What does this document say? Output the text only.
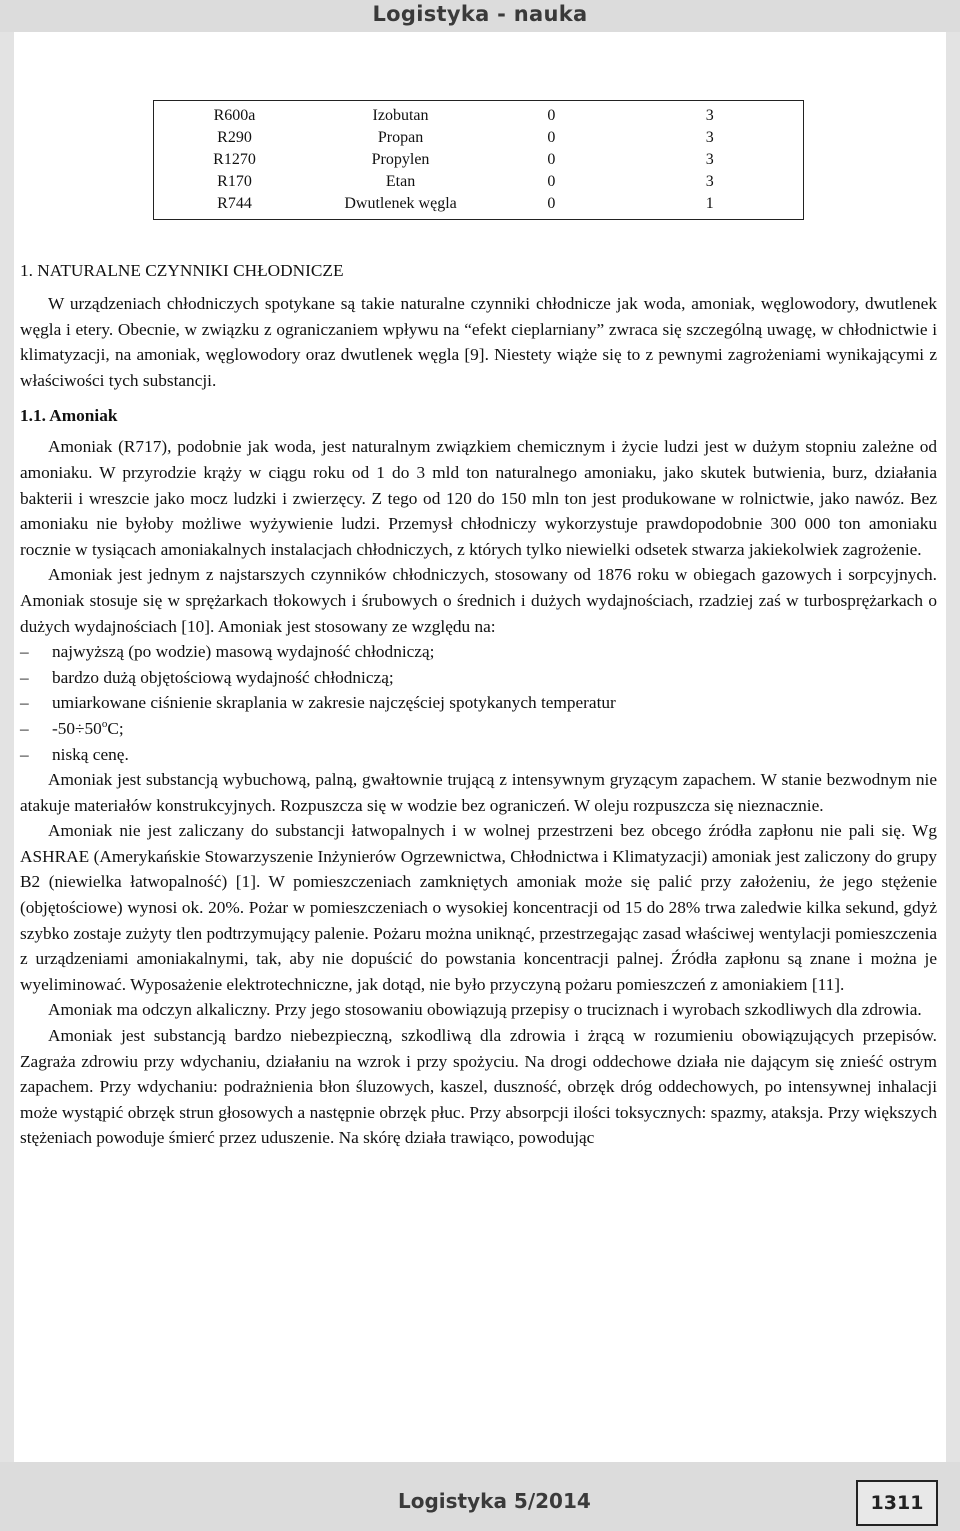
Logistyka - nauka
R600a	Izobutan	0	3
R290	Propan	0	3
R1270	Propylen	0	3
R170	Etan	0	3
R744	Dwutlenek węgla	0	1
1. NATURALNE CZYNNIKI CHŁODNICZE

W urządzeniach chłodniczych spotykane są takie naturalne czynniki chłodnicze jak woda, amoniak, węglowodory, dwutlenek węgla i etery. Obecnie, w związku z ograniczaniem wpływu na “efekt cieplarniany” zwraca się szczególną uwagę, w chłodnictwie i klimatyzacji, na amoniak, węglowodory oraz dwutlenek węgla [9]. Niestety wiąże się to z pewnymi zagrożeniami wynikającymi z właściwości tych substancji.

1.1. Amoniak

Amoniak (R717), podobnie jak woda, jest naturalnym związkiem chemicznym i życie ludzi jest w dużym stopniu zależne od amoniaku. W przyrodzie krąży w ciągu roku od 1 do 3 mld ton naturalnego amoniaku, jako skutek butwienia, burz, działania bakterii i wreszcie jako mocz ludzki i zwierzęcy. Z tego od 120 do 150 mln ton jest produkowane w rolnictwie, jako nawóz. Bez amoniaku nie byłoby możliwe wyżywienie ludzi. Przemysł chłodniczy wykorzystuje prawdopodobnie 300 000 ton amoniaku rocznie w tysiącach amoniakalnych instalacjach chłodniczych, z których tylko niewielki odsetek stwarza jakiekolwiek zagrożenie.

Amoniak jest jednym z najstarszych czynników chłodniczych, stosowany od 1876 roku w obiegach gazowych i sorpcyjnych. Amoniak stosuje się w sprężarkach tłokowych i śrubowych o średnich i dużych wydajnościach, rzadziej zaś w turbosprężarkach o dużych wydajnościach [10]. Amoniak jest stosowany ze względu na:

– najwyższą (po wodzie) masową wydajność chłodniczą;
– bardzo dużą objętościową wydajność chłodniczą;
– umiarkowane ciśnienie skraplania w zakresie najczęściej spotykanych temperatur
– $-50\div 50^oC$;
– niską cenę.

Amoniak jest substancją wybuchową, palną, gwałtownie trującą z intensywnym gryzącym zapachem. W stanie bezwodnym nie atakuje materiałów konstrukcyjnych. Rozpuszcza się w wodzie bez ograniczeń. W oleju rozpuszcza się nieznacznie.

Amoniak nie jest zaliczany do substancji łatwopalnych i w wolnej przestrzeni bez obcego źródła zapłonu nie pali się. Wg ASHRAE (Amerykańskie Stowarzyszenie Inżynierów Ogrzewnictwa, Chłodnictwa i Klimatyzacji) amoniak jest zaliczony do grupy B2 (niewielka łatwopalność) [1]. W pomieszczeniach zamkniętych amoniak może się palić przy założeniu, że jego stężenie (objętościowe) wynosi ok. 20%. Pożar w pomieszczeniach o wysokiej koncentracji od 15 do 28% trwa zaledwie kilka sekund, gdyż szybko zostaje zużyty tlen podtrzymujący palenie. Pożaru można uniknąć, przestrzegając zasad właściwej wentylacji pomieszczenia z urządzeniami amoniakalnymi, tak, aby nie dopuścić do powstania koncentracji palnej. Źródła zapłonu są znane i można je wyeliminować. Wyposażenie elektrotechniczne, jak dotąd, nie było przyczyną pożaru pomieszczeń z amoniakiem [11].

Amoniak ma odczyn alkaliczny. Przy jego stosowaniu obowiązują przepisy o truciznach i wyrobach szkodliwych dla zdrowia.

Amoniak jest substancją bardzo niebezpieczną, szkodliwą dla zdrowia i żrącą w rozumieniu obowiązujących przepisów. Zagraża zdrowiu przy wdychaniu, działaniu na wzrok i przy spożyciu. Na drogi oddechowe działa nie dającym się znieść ostrym zapachem. Przy wdychaniu: podrażnienia błon śluzowych, kaszel, duszność, obrzęk dróg oddechowych, po intensywnej inhalacji może wystąpić obrzęk strun głosowych a następnie obrzęk płuc. Przy absorpcji ilości toksycznych: spazmy, ataksja. Przy większych stężeniach powoduje śmierć przez uduszenie. Na skórę działa trawiąco, powodując

Logistyka 5/2014	1311
